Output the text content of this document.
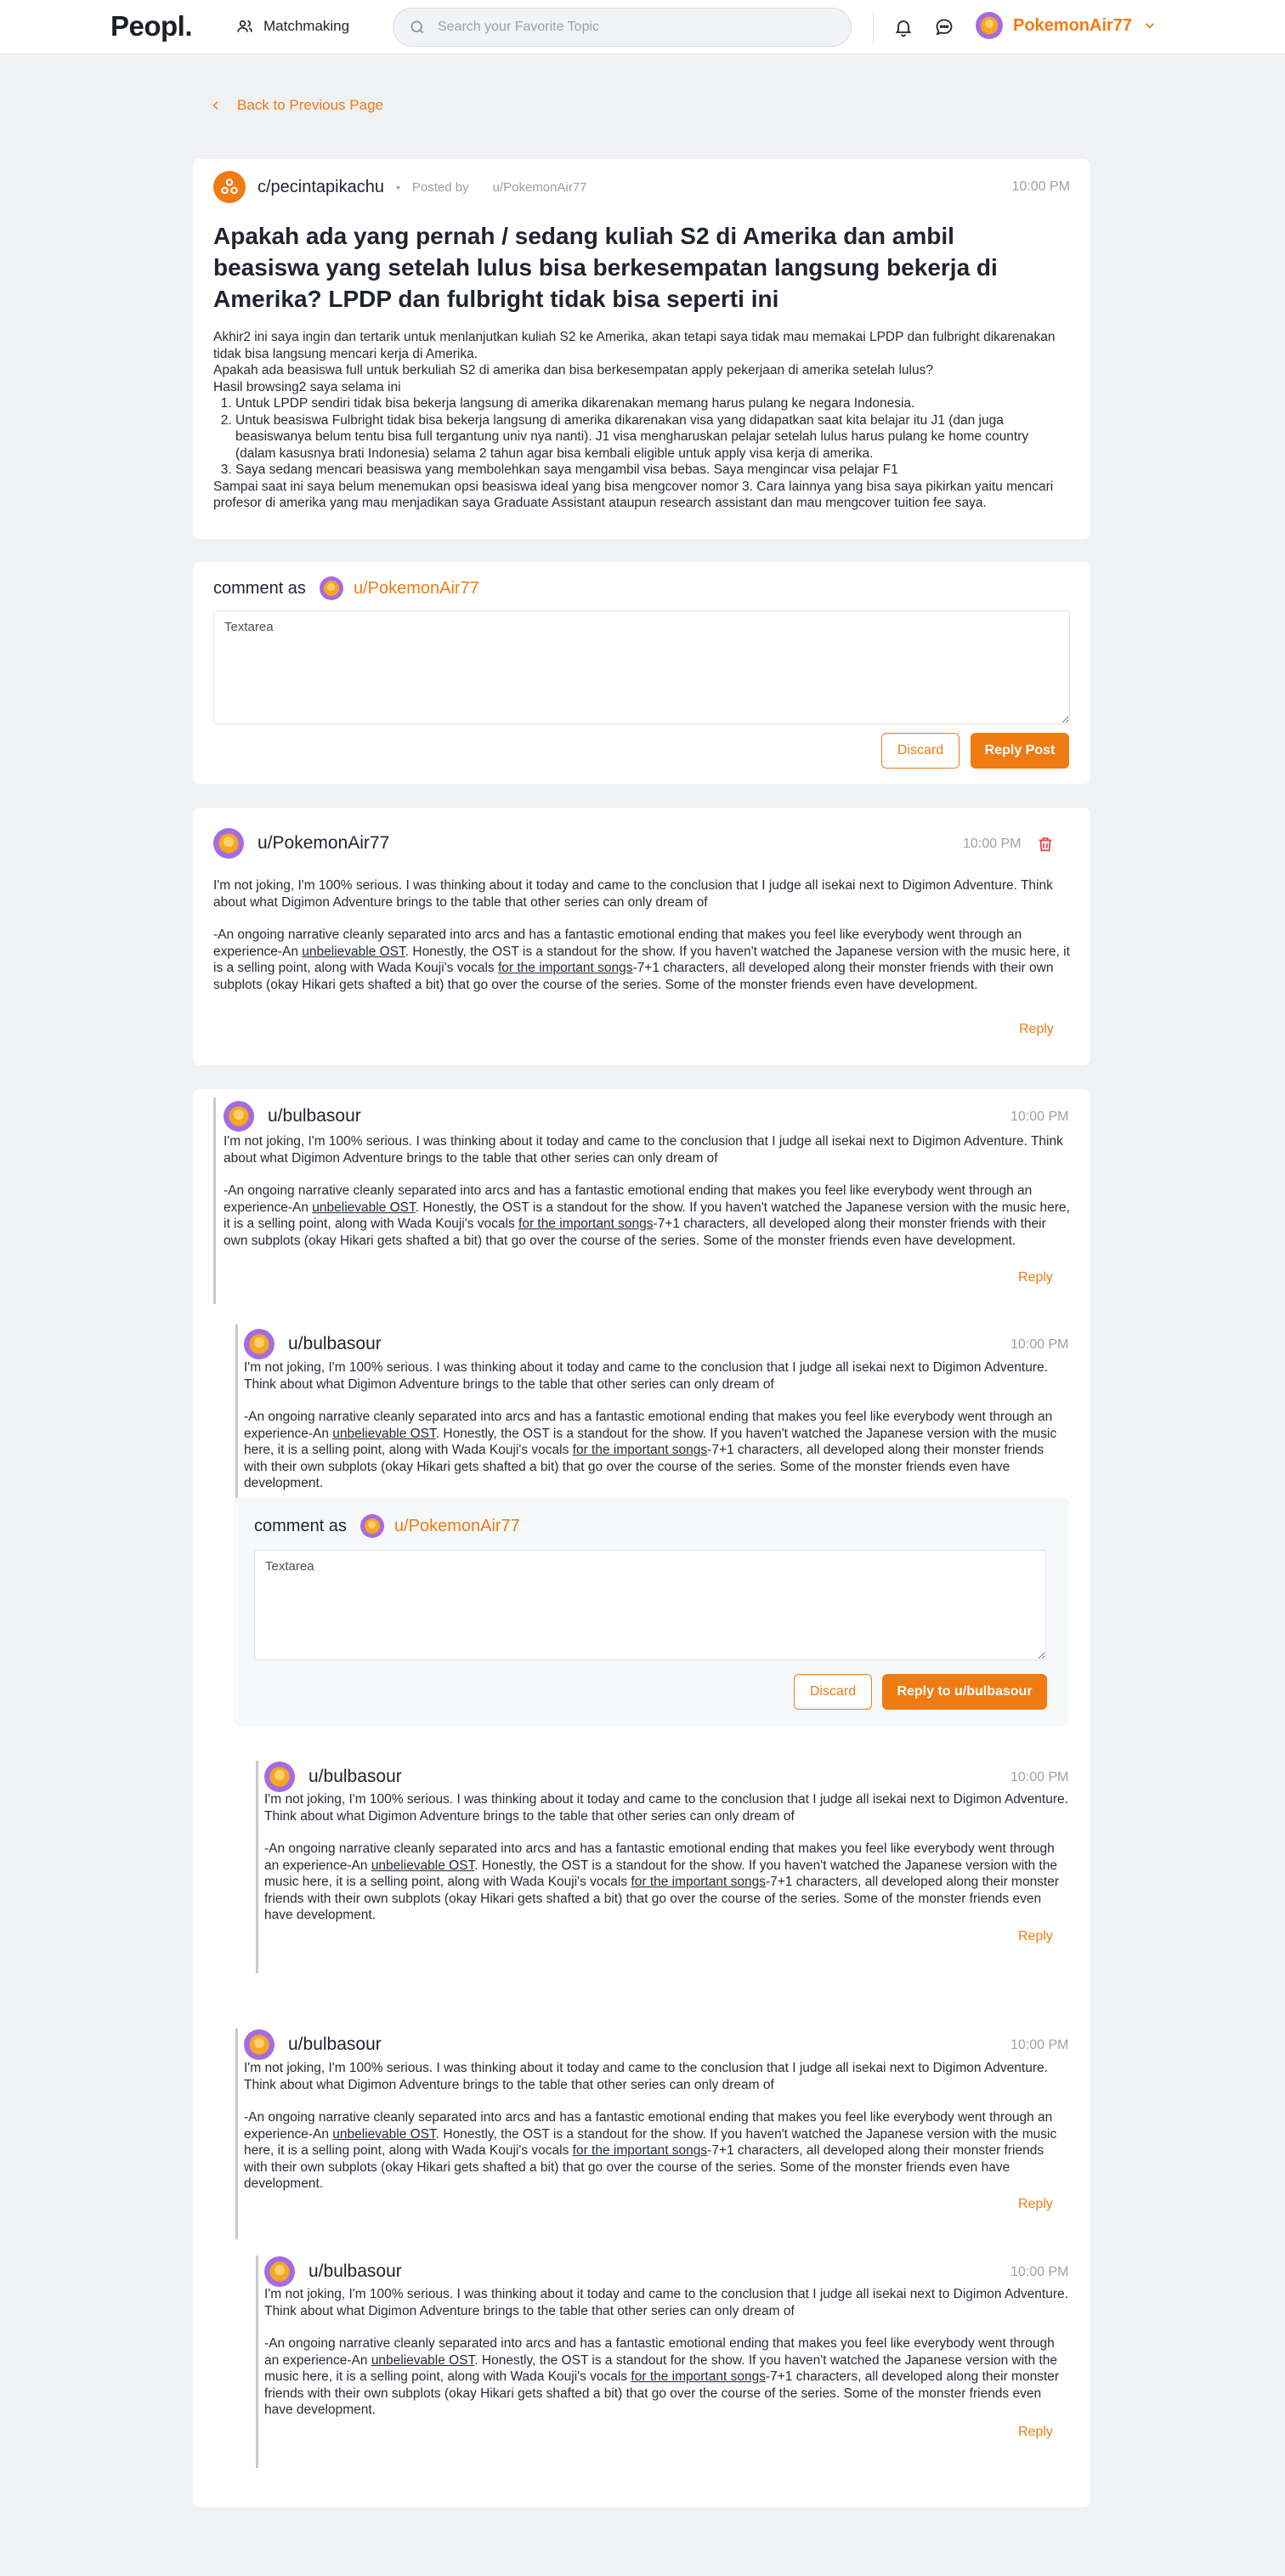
Peopl.	Matchmaking
Search your Favorite Topic	PokemonAir77
Back to Previous Page
c/pecintapikachu • Posted by u/PokemonAir77	10:00 PM
Apakah ada yang pernah / sedang kuliah S2 di Amerika dan ambil beasiswa yang setelah lulus bisa berkesempatan langsung bekerja di Amerika? LPDP dan fulbright tidak bisa seperti ini
Akhir2 ini saya ingin dan tertarik untuk menlanjutkan kuliah S2 ke Amerika, akan tetapi saya tidak mau memakai LPDP dan fulbright dikarenakan tidak bisa langsung mencari kerja di Amerika.
Apakah ada beasiswa full untuk berkuliah S2 di amerika dan bisa berkesempatan apply pekerjaan di amerika setelah lulus?
Hasil browsing2 saya selama ini
1. Untuk LPDP sendiri tidak bisa bekerja langsung di amerika dikarenakan memang harus pulang ke negara Indonesia.
2. Untuk beasiswa Fulbright tidak bisa bekerja langsung di amerika dikarenakan visa yang didapatkan saat kita belajar itu J1 (dan juga beasiswanya belum tentu bisa full tergantung univ nya nanti). J1 visa mengharuskan pelajar setelah lulus harus pulang ke home country (dalam kasusnya brati Indonesia) selama 2 tahun agar bisa kembali eligible untuk apply visa kerja di amerika.
3. Saya sedang mencari beasiswa yang membolehkan saya mengambil visa bebas. Saya mengincar visa pelajar F1
Sampai saat ini saya belum menemukan opsi beasiswa ideal yang bisa mengcover nomor 3. Cara lainnya yang bisa saya pikirkan yaitu mencari profesor di amerika yang mau menjadikan saya Graduate Assistant ataupun research assistant dan mau mengcover tuition fee saya.
comment as	u/PokemonAir77
Textarea
Discard	Reply Post
u/PokemonAir77	10:00 PM

I'm not joking, I'm 100% serious. I was thinking about it today and came to the conclusion that I judge all isekai next to Digimon Adventure. Think about what Digimon Adventure brings to the table that other series can only dream of

-An ongoing narrative cleanly separated into arcs and has a fantastic emotional ending that makes you feel like everybody went through an experience-An unbelievable OST. Honestly, the OST is a standout for the show. If you haven't watched the Japanese version with the music here, it is a selling point, along with Wada Kouji's vocals for the important songs-7+1 characters, all developed along their monster friends with their own subplots (okay Hikari gets shafted a bit) that go over the course of the series. Some of the monster friends even have development.

Reply
u/bulbasour	10:00 PM

I'm not joking, I'm 100% serious. I was thinking about it today and came to the conclusion that I judge all isekai next to Digimon Adventure. Think about what Digimon Adventure brings to the table that other series can only dream of

-An ongoing narrative cleanly separated into arcs and has a fantastic emotional ending that makes you feel like everybody went through an experience-An unbelievable OST. Honestly, the OST is a standout for the show. If you haven't watched the Japanese version with the music here, it is a selling point, along with Wada Kouji's vocals for the important songs-7+1 characters, all developed along their monster friends with their own subplots (okay Hikari gets shafted a bit) that go over the course of the series. Some of the monster friends even have development.

Reply
u/bulbasour	10:00 PM

I'm not joking, I'm 100% serious. I was thinking about it today and came to the conclusion that I judge all isekai next to Digimon Adventure. Think about what Digimon Adventure brings to the table that other series can only dream of

-An ongoing narrative cleanly separated into arcs and has a fantastic emotional ending that makes you feel like everybody went through an experience-An unbelievable OST. Honestly, the OST is a standout for the show. If you haven't watched the Japanese version with the music here, it is a selling point, along with Wada Kouji's vocals for the important songs-7+1 characters, all developed along their monster friends with their own subplots (okay Hikari gets shafted a bit) that go over the course of the series. Some of the monster friends even have development.

comment as	u/PokemonAir77
Textarea
Discard	Reply to u/bulbasour
u/bulbasour	10:00 PM

I'm not joking, I'm 100% serious. I was thinking about it today and came to the conclusion that I judge all isekai next to Digimon Adventure. Think about what Digimon Adventure brings to the table that other series can only dream of

-An ongoing narrative cleanly separated into arcs and has a fantastic emotional ending that makes you feel like everybody went through an experience-An unbelievable OST. Honestly, the OST is a standout for the show. If you haven't watched the Japanese version with the music here, it is a selling point, along with Wada Kouji's vocals for the important songs-7+1 characters, all developed along their monster friends with their own subplots (okay Hikari gets shafted a bit) that go over the course of the series. Some of the monster friends even have development.

Reply
u/bulbasour	10:00 PM

I'm not joking, I'm 100% serious. I was thinking about it today and came to the conclusion that I judge all isekai next to Digimon Adventure. Think about what Digimon Adventure brings to the table that other series can only dream of

-An ongoing narrative cleanly separated into arcs and has a fantastic emotional ending that makes you feel like everybody went through an experience-An unbelievable OST. Honestly, the OST is a standout for the show. If you haven't watched the Japanese version with the music here, it is a selling point, along with Wada Kouji's vocals for the important songs-7+1 characters, all developed along their monster friends with their own subplots (okay Hikari gets shafted a bit) that go over the course of the series. Some of the monster friends even have development.

Reply
u/bulbasour	10:00 PM

I'm not joking, I'm 100% serious. I was thinking about it today and came to the conclusion that I judge all isekai next to Digimon Adventure. Think about what Digimon Adventure brings to the table that other series can only dream of

-An ongoing narrative cleanly separated into arcs and has a fantastic emotional ending that makes you feel like everybody went through an experience-An unbelievable OST. Honestly, the OST is a standout for the show. If you haven't watched the Japanese version with the music here, it is a selling point, along with Wada Kouji's vocals for the important songs-7+1 characters, all developed along their monster friends with their own subplots (okay Hikari gets shafted a bit) that go over the course of the series. Some of the monster friends even have development.

Reply
